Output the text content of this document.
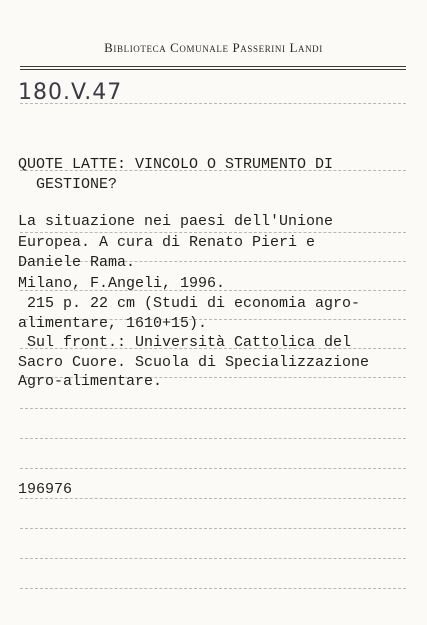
Biblioteca Comunale Passerini Landi
180.V.47
QUOTE LATTE: VINCOLO O STRUMENTO DI
GESTIONE?
La situazione nei paesi dell'Unione
Europea. A cura di Renato Pieri e
Daniele Rama.
Milano, F.Angeli, 1996.
215 p. 22 cm (Studi di economia agro-
alimentare, 1610+15).
Sul front.: Università Cattolica del
Sacro Cuore. Scuola di Specializzazione
Agro-alimentare.
196976
